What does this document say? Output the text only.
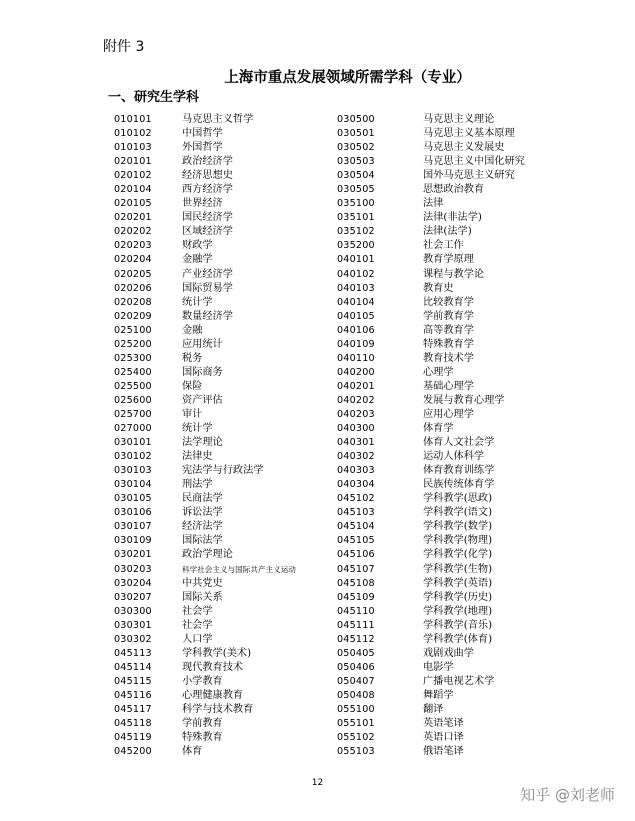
附件 3
上海市重点发展领域所需学科（专业）
一、研究生学科
010101	马克思主义哲学
010102	中国哲学
010103	外国哲学
020101	政治经济学
020102	经济思想史
020104	西方经济学
020105	世界经济
020201	国民经济学
020202	区域经济学
020203	财政学
020204	金融学
020205	产业经济学
020206	国际贸易学
020208	统计学
020209	数量经济学
025100	金融
025200	应用统计
025300	税务
025400	国际商务
025500	保险
025600	资产评估
025700	审计
027000	统计学
030101	法学理论
030102	法律史
030103	宪法学与行政法学
030104	刑法学
030105	民商法学
030106	诉讼法学
030107	经济法学
030109	国际法学
030201	政治学理论
030203	科学社会主义与国际共产主义运动
030204	中共党史
030207	国际关系
030300	社会学
030301	社会学
030302	人口学
045113	学科教学(美术)
045114	现代教育技术
045115	小学教育
045116	心理健康教育
045117	科学与技术教育
045118	学前教育
045119	特殊教育
045200	体育
030500	马克思主义理论
030501	马克思主义基本原理
030502	马克思主义发展史
030503	马克思主义中国化研究
030504	国外马克思主义研究
030505	思想政治教育
035100	法律
035101	法律(非法学)
035102	法律(法学)
035200	社会工作
040101	教育学原理
040102	课程与教学论
040103	教育史
040104	比较教育学
040105	学前教育学
040106	高等教育学
040109	特殊教育学
040110	教育技术学
040200	心理学
040201	基础心理学
040202	发展与教育心理学
040203	应用心理学
040300	体育学
040301	体育人文社会学
040302	运动人体科学
040303	体育教育训练学
040304	民族传统体育学
045102	学科教学(思政)
045103	学科教学(语文)
045104	学科教学(数学)
045105	学科教学(物理)
045106	学科教学(化学)
045107	学科教学(生物)
045108	学科教学(英语)
045109	学科教学(历史)
045110	学科教学(地理)
045111	学科教学(音乐)
045112	学科教学(体育)
050405	戏剧戏曲学
050406	电影学
050407	广播电视艺术学
050408	舞蹈学
055100	翻译
055101	英语笔译
055102	英语口译
055103	俄语笔译
12
知乎 @刘老师
